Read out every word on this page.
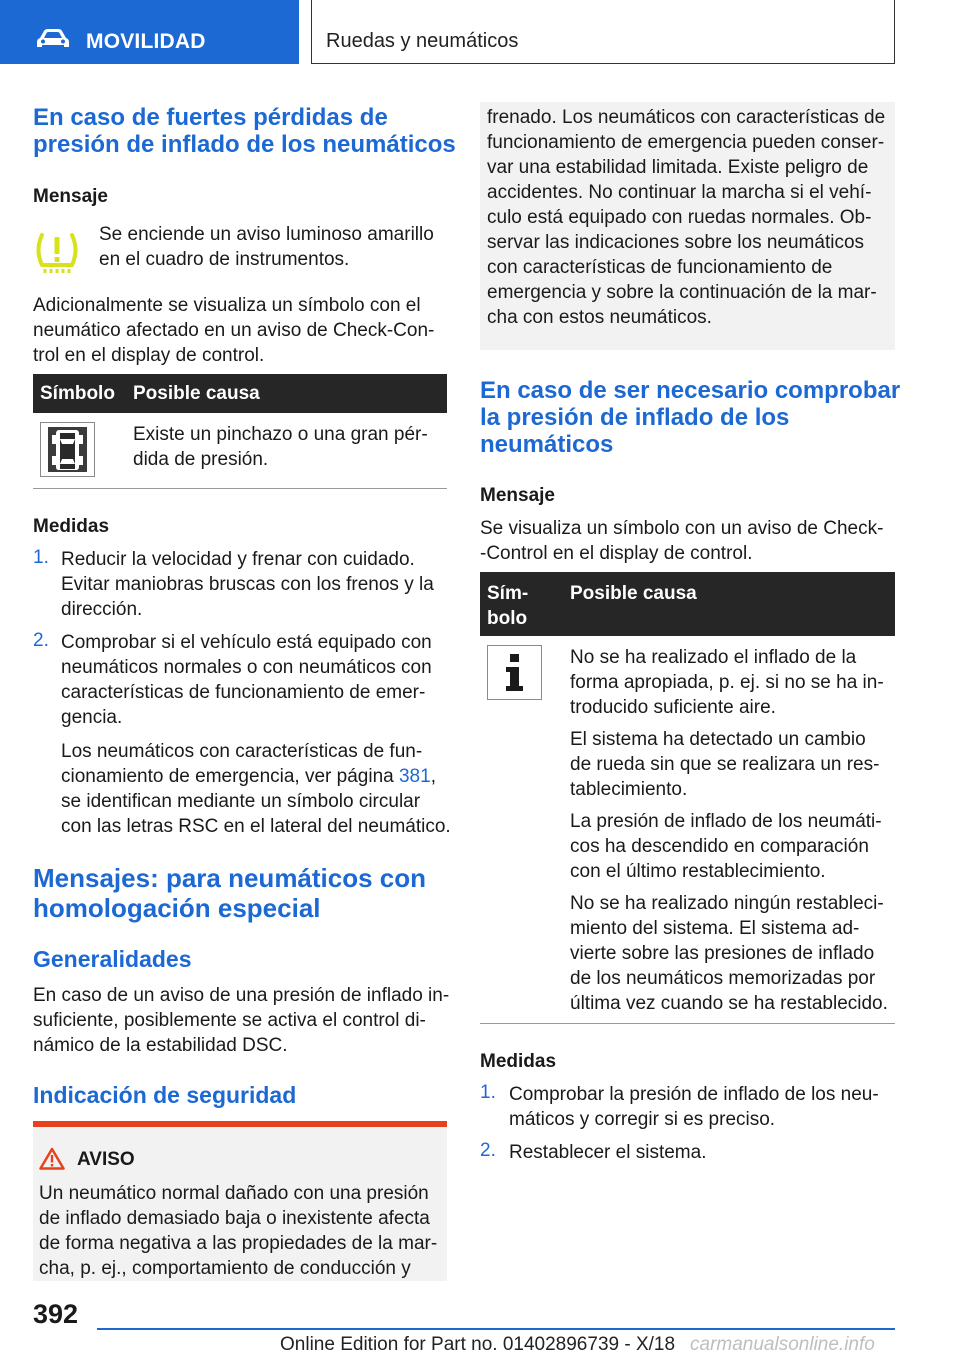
MOVILIDAD	Ruedas y neumáticos
En caso de fuertes pérdidas de
presión de inflado de los neumáticos
Mensaje
Se enciende un aviso luminoso amarillo
en el cuadro de instrumentos.
Adicionalmente se visualiza un símbolo con el
neumático afectado en un aviso de Check-Con-
trol en el display de control.
Símbolo Posible causa
Existe un pinchazo o una gran pér-
dida de presión.
Medidas
1. Reducir la velocidad y frenar con cuidado.
Evitar maniobras bruscas con los frenos y la
dirección.
2. Comprobar si el vehículo está equipado con
neumáticos normales o con neumáticos con
características de funcionamiento de emer-
gencia.
Los neumáticos con características de fun-
cionamiento de emergencia, ver página 381,
se identifican mediante un símbolo circular
con las letras RSC en el lateral del neumático.
Mensajes: para neumáticos con
homologación especial
Generalidades
En caso de un aviso de una presión de inflado in-
suficiente, posiblemente se activa el control di-
námico de la estabilidad DSC.
Indicación de seguridad
AVISO
Un neumático normal dañado con una presión
de inflado demasiado baja o inexistente afecta
de forma negativa a las propiedades de la mar-
cha, p. ej., comportamiento de conducción y
frenado. Los neumáticos con características de
funcionamiento de emergencia pueden conser-
var una estabilidad limitada. Existe peligro de
accidentes. No continuar la marcha si el vehí-
culo está equipado con ruedas normales. Ob-
servar las indicaciones sobre los neumáticos
con características de funcionamiento de
emergencia y sobre la continuación de la mar-
cha con estos neumáticos.
En caso de ser necesario comprobar
la presión de inflado de los
neumáticos
Mensaje
Se visualiza un símbolo con un aviso de Check-
-Control en el display de control.
Sím-
bolo
Posible causa
No se ha realizado el inflado de la
forma apropiada, p. ej. si no se ha in-
troducido suficiente aire.
El sistema ha detectado un cambio
de rueda sin que se realizara un res-
tablecimiento.
La presión de inflado de los neumáti-
cos ha descendido en comparación
con el último restablecimiento.
No se ha realizado ningún restableci-
miento del sistema. El sistema ad-
vierte sobre las presiones de inflado
de los neumáticos memorizadas por
última vez cuando se ha restablecido.
Medidas
1. Comprobar la presión de inflado de los neu-
máticos y corregir si es preciso.
2. Restablecer el sistema.
392
Online Edition for Part no. 01402896739 - X/18 carmanualsonline.info
